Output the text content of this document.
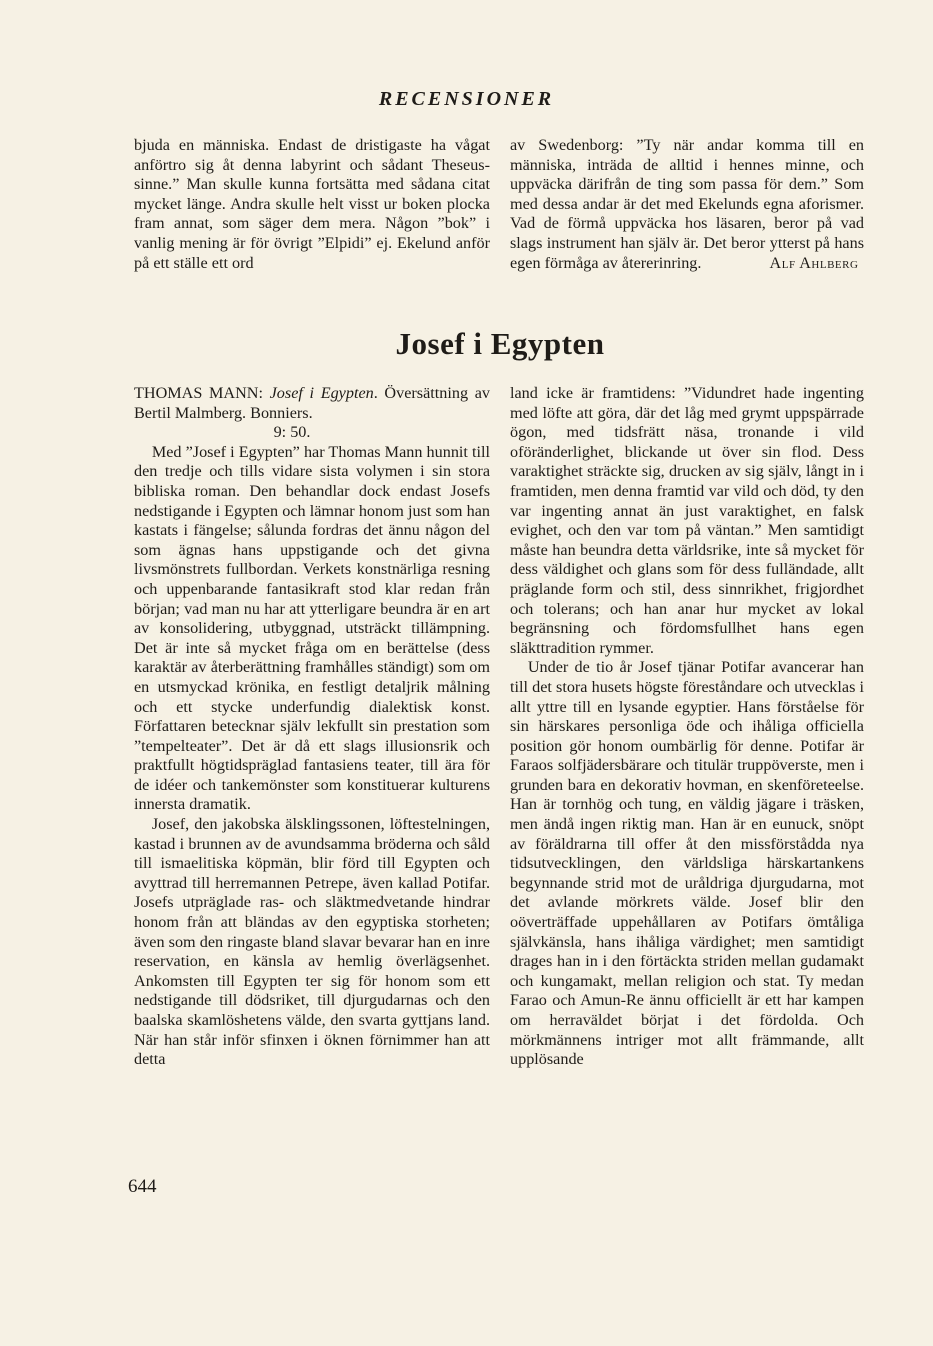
RECENSIONER

bjuda en människa. Endast de dristigaste ha vågat anförtro sig åt denna labyrint och sådant Theseus-sinne.” Man skulle kunna fortsätta med sådana citat mycket länge. Andra skulle helt visst ur boken plocka fram annat, som säger dem mera. Någon ”bok” i vanlig mening är för övrigt ”Elpidi” ej. Ekelund anför på ett ställe ett ord

av Swedenborg: ”Ty när andar komma till en människa, inträda de alltid i hennes minne, och uppväcka därifrån de ting som passa för dem.” Som med dessa andar är det med Ekelunds egna aforismer. Vad de förmå uppväcka hos läsaren, beror på vad slags instrument han själv är. Det beror ytterst på hans egen förmåga av återerinring.	Alf Ahlberg

Josef i Egypten

THOMAS MANN: Josef i Egypten. Översättning av Bertil Malmberg. Bonniers.
9: 50.

Med ”Josef i Egypten” har Thomas Mann hunnit till den tredje och tills vidare sista volymen i sin stora bibliska roman. Den behandlar dock endast Josefs nedstigande i Egypten och lämnar honom just som han kastats i fängelse; sålunda fordras det ännu någon del som ägnas hans uppstigande och det givna livsmönstrets fullbordan. Verkets konstnärliga resning och uppenbarande fantasikraft stod klar redan från början; vad man nu har att ytterligare beundra är en art av konsolidering, utbyggnad, utsträckt tillämpning. Det är inte så mycket fråga om en berättelse (dess karaktär av återberättning framhålles ständigt) som om en utsmyckad krönika, en festligt detaljrik målning och ett stycke underfundig dialektisk konst. Författaren betecknar själv lekfullt sin prestation som ”tempelteater”. Det är då ett slags illusionsrik och praktfullt högtidspräglad fantasiens teater, till ära för de idéer och tankemönster som konstituerar kulturens innersta dramatik.

Josef, den jakobska älsklingssonen, löftestelningen, kastad i brunnen av de avundsamma bröderna och såld till ismaelitiska köpmän, blir förd till Egypten och avyttrad till herremannen Petrepe, även kallad Potifar. Josefs utpräglade ras- och släktmedvetande hindrar honom från att bländas av den egyptiska storheten; även som den ringaste bland slavar bevarar han en inre reservation, en känsla av hemlig överlägsenhet. Ankomsten till Egypten ter sig för honom som ett nedstigande till dödsriket, till djurgudarnas och den baalska skamlöshetens välde, den svarta gyttjans land. När han står inför sfinxen i öknen förnimmer han att detta

land icke är framtidens: ”Vidundret hade ingenting med löfte att göra, där det låg med grymt uppspärrade ögon, med tidsfrätt näsa, tronande i vild oföränderlighet, blickande ut över sin flod. Dess varaktighet sträckte sig, drucken av sig själv, långt in i framtiden, men denna framtid var vild och död, ty den var ingenting annat än just varaktighet, en falsk evighet, och den var tom på väntan.” Men samtidigt måste han beundra detta världsrike, inte så mycket för dess väldighet och glans som för dess fulländade, allt präglande form och stil, dess sinnrikhet, frigjordhet och tolerans; och han anar hur mycket av lokal begränsning och fördomsfullhet hans egen släkttradition rymmer.

Under de tio år Josef tjänar Potifar avancerar han till det stora husets högste föreståndare och utvecklas i allt yttre till en lysande egyptier. Hans förståelse för sin härskares personliga öde och ihåliga officiella position gör honom oumbärlig för denne. Potifar är Faraos solfjädersbärare och titulär truppöverste, men i grunden bara en dekorativ hovman, en skenföreteelse. Han är tornhög och tung, en väldig jägare i träsken, men ändå ingen riktig man. Han är en eunuck, snöpt av föräldrarna till offer åt den missförstådda nya tidsutvecklingen, den världsliga härskartankens begynnande strid mot de uråldriga djurgudarna, mot det avlande mörkrets välde. Josef blir den oöverträffade uppehållaren av Potifars ömtåliga självkänsla, hans ihåliga värdighet; men samtidigt drages han in i den förtäckta striden mellan gudamakt och kungamakt, mellan religion och stat. Ty medan Farao och Amun-Re ännu officiellt är ett har kampen om herraväldet börjat i det fördolda. Och mörkmännens intriger mot allt främmande, allt upplösande

644
